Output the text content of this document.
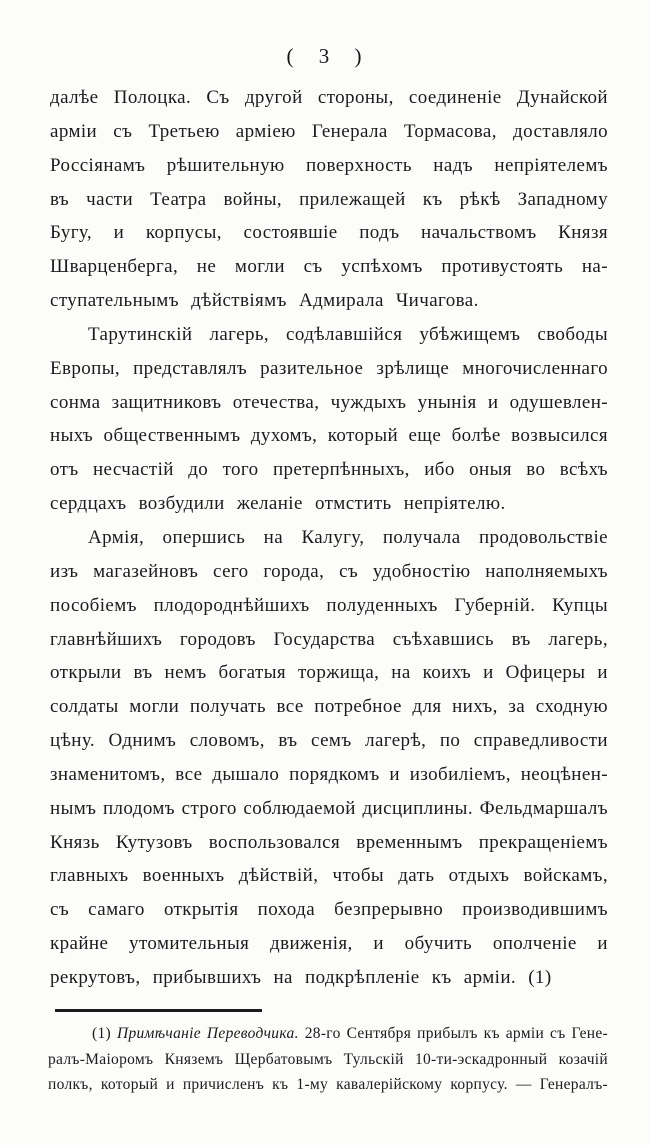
( 3 )
далѣе Полоцка. Съ другой стороны, соединеніе Дунайской
арміи съ Третьею арміею Генерала Тормасова, доставляло
Россіянамъ рѣшительную поверхность надъ непріятелемъ
въ части Театра войны, прилежащей къ рѣкѣ Западному
Бугу, и корпусы, состоявшіе подъ начальствомъ Князя
Шварценберга, не могли съ успѣхомъ противустоять на-
ступательнымъ дѣйствіямъ Адмирала Чичагова.
Тарутинскій лагерь, содѣлавшійся убѣжищемъ свободы
Европы, представлялъ разительное зрѣлище многочисленнаго
сонма защитниковъ отечества, чуждыхъ унынія и одушевлен-
ныхъ общественнымъ духомъ, который еще болѣе возвысился
отъ несчастій до того претерпѣнныхъ, ибо оныя во всѣхъ
сердцахъ возбудили желаніе отмстить непріятелю.
Армія, опершись на Калугу, получала продовольствіе
изъ магазейновъ сего города, съ удобностію наполняемыхъ
пособіемъ плодороднѣйшихъ полуденныхъ Губерній. Купцы
главнѣйшихъ городовъ Государства съѣхавшись въ лагерь,
открыли въ немъ богатыя торжища, на коихъ и Офицеры и
солдаты могли получать все потребное для нихъ, за сходную
цѣну. Однимъ словомъ, въ семъ лагерѣ, по справедливости
знаменитомъ, все дышало порядкомъ и изобиліемъ, неоцѣнен-
нымъ плодомъ строго соблюдаемой дисциплины. Фельдмаршалъ
Князь Кутузовъ воспользовался временнымъ прекращеніемъ
главныхъ военныхъ дѣйствій, чтобы дать отдыхъ войскамъ,
съ самаго открытія похода безпрерывно производившимъ
крайне утомительныя движенія, и обучить ополченіе и
рекрутовъ, прибывшихъ на подкрѣпленіе къ арміи. (1)
(1) Примѣчаніе Переводчика. 28-го Сентября прибылъ къ арміи съ Гене-
ралъ-Маіоромъ Княземъ Щербатовымъ Тульскій 10-ти-эскадронный козачій
полкъ, который и причисленъ къ 1-му кавалерійскому корпусу. — Генералъ-
